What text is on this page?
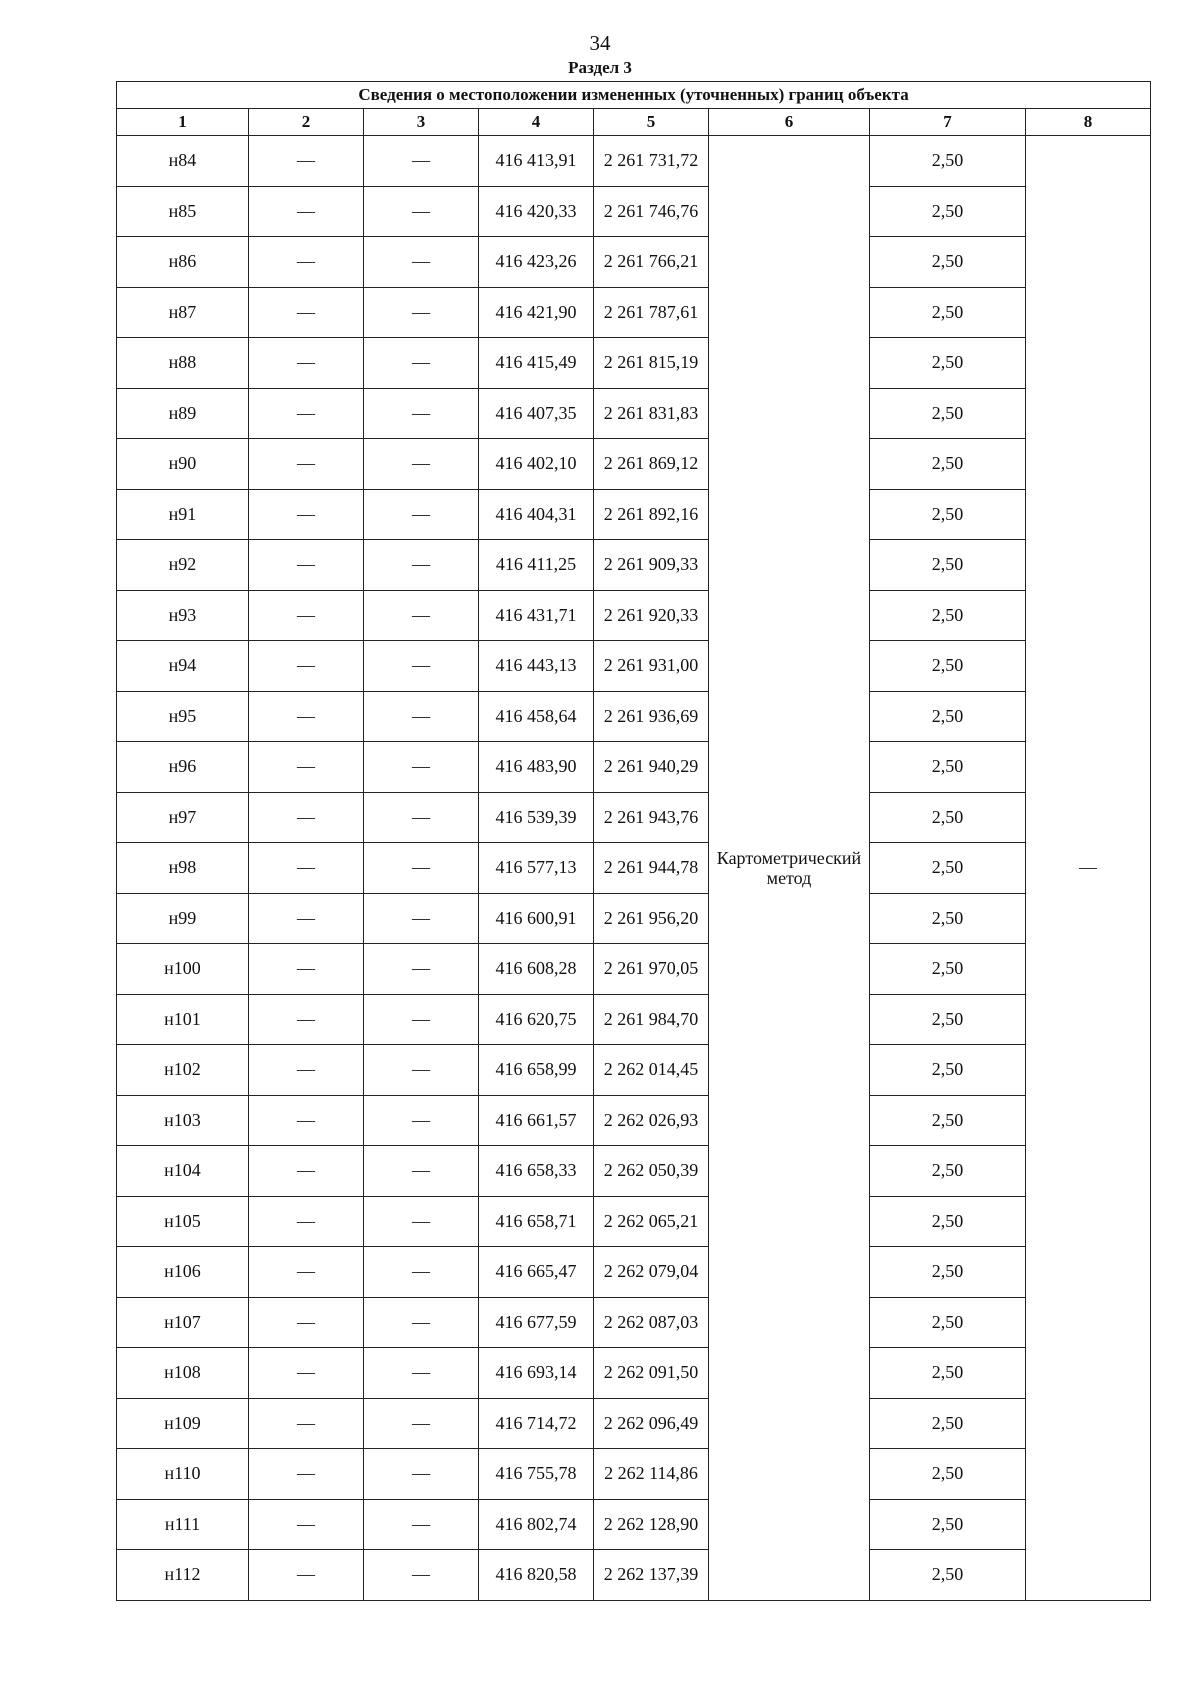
34
Раздел 3
Сведения о местоположении измененных (уточненных) границ объекта							
1	2	3	4	5	6	7	8
н84	—	—	416 413,91	2 261 731,72	Картометрический метод	2,50	—
н85	—	—	416 420,33	2 261 746,76		2,50	
н86	—	—	416 423,26	2 261 766,21		2,50	
н87	—	—	416 421,90	2 261 787,61		2,50	
н88	—	—	416 415,49	2 261 815,19		2,50	
н89	—	—	416 407,35	2 261 831,83		2,50	
н90	—	—	416 402,10	2 261 869,12		2,50	
н91	—	—	416 404,31	2 261 892,16		2,50	
н92	—	—	416 411,25	2 261 909,33		2,50	
н93	—	—	416 431,71	2 261 920,33		2,50	
н94	—	—	416 443,13	2 261 931,00		2,50	
н95	—	—	416 458,64	2 261 936,69		2,50	
н96	—	—	416 483,90	2 261 940,29		2,50	
н97	—	—	416 539,39	2 261 943,76		2,50	
н98	—	—	416 577,13	2 261 944,78		2,50	
н99	—	—	416 600,91	2 261 956,20		2,50	
н100	—	—	416 608,28	2 261 970,05		2,50	
н101	—	—	416 620,75	2 261 984,70		2,50	
н102	—	—	416 658,99	2 262 014,45		2,50	
н103	—	—	416 661,57	2 262 026,93		2,50	
н104	—	—	416 658,33	2 262 050,39		2,50	
н105	—	—	416 658,71	2 262 065,21		2,50	
н106	—	—	416 665,47	2 262 079,04		2,50	
н107	—	—	416 677,59	2 262 087,03		2,50	
н108	—	—	416 693,14	2 262 091,50		2,50	
н109	—	—	416 714,72	2 262 096,49		2,50	
н110	—	—	416 755,78	2 262 114,86		2,50	
н111	—	—	416 802,74	2 262 128,90		2,50	
н112	—	—	416 820,58	2 262 137,39		2,50	
